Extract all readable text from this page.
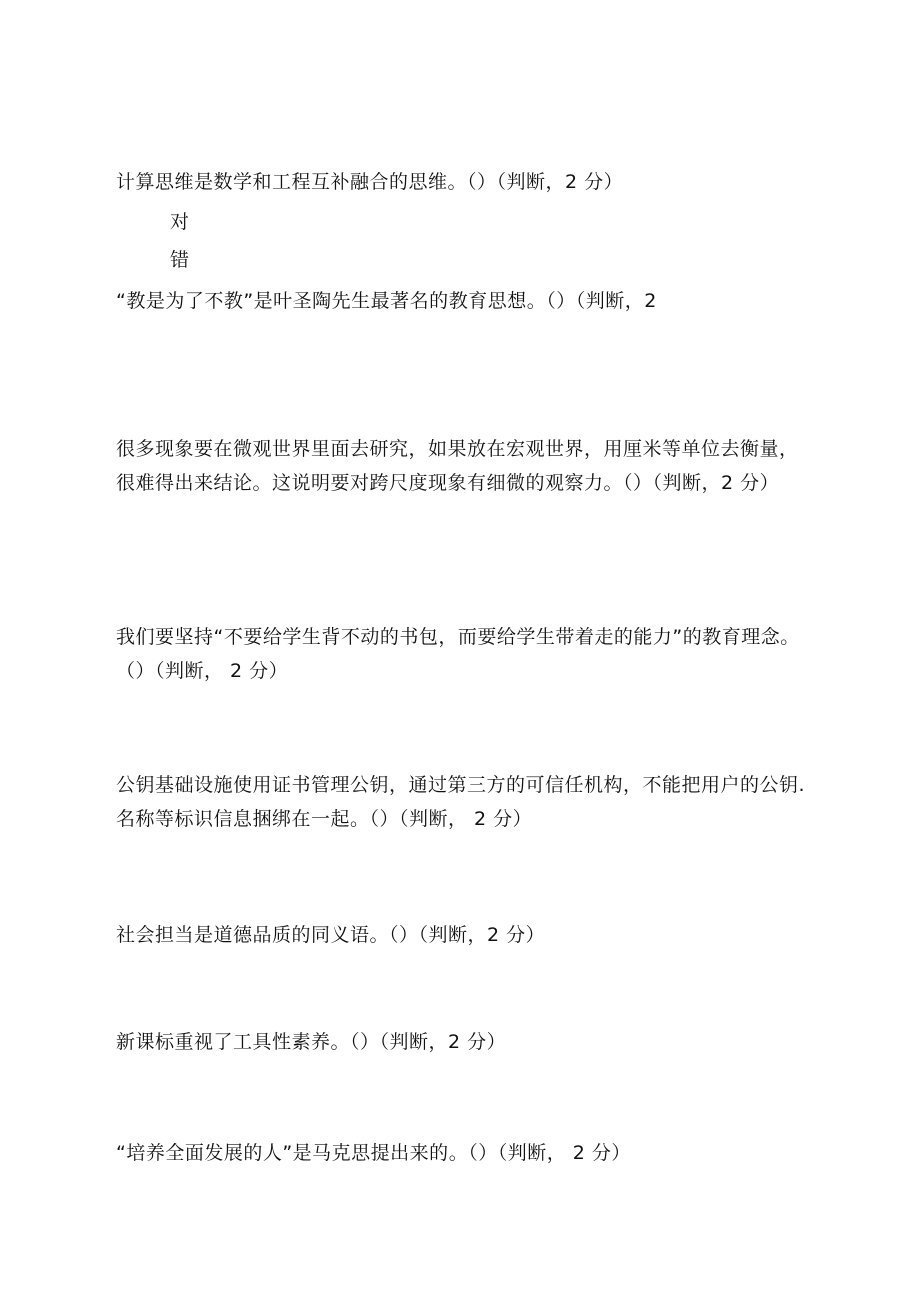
计算思维是数学和工程互补融合的思维。（）（判断，2 分）

对
错

“教是为了不教”是叶圣陶先生最著名的教育思想。（）（判断，2

很多现象要在微观世界里面去研究，如果放在宏观世界，用厘米等单位去衡量，很难得出来结论。这说明要对跨尺度现象有细微的观察力。（）（判断，2 分）

我们要坚持“不要给学生背不动的书包，而要给学生带着走的能力”的教育理念。（）（判断， 2 分）

公钥基础设施使用证书管理公钥，通过第三方的可信任机构，不能把用户的公钥. 名称等标识信息捆绑在一起。（）（判断， 2 分）

社会担当是道德品质的同义语。（）（判断，2 分）

新课标重视了工具性素养。（）（判断，2 分）

“培养全面发展的人”是马克思提出来的。（）（判断， 2 分）
